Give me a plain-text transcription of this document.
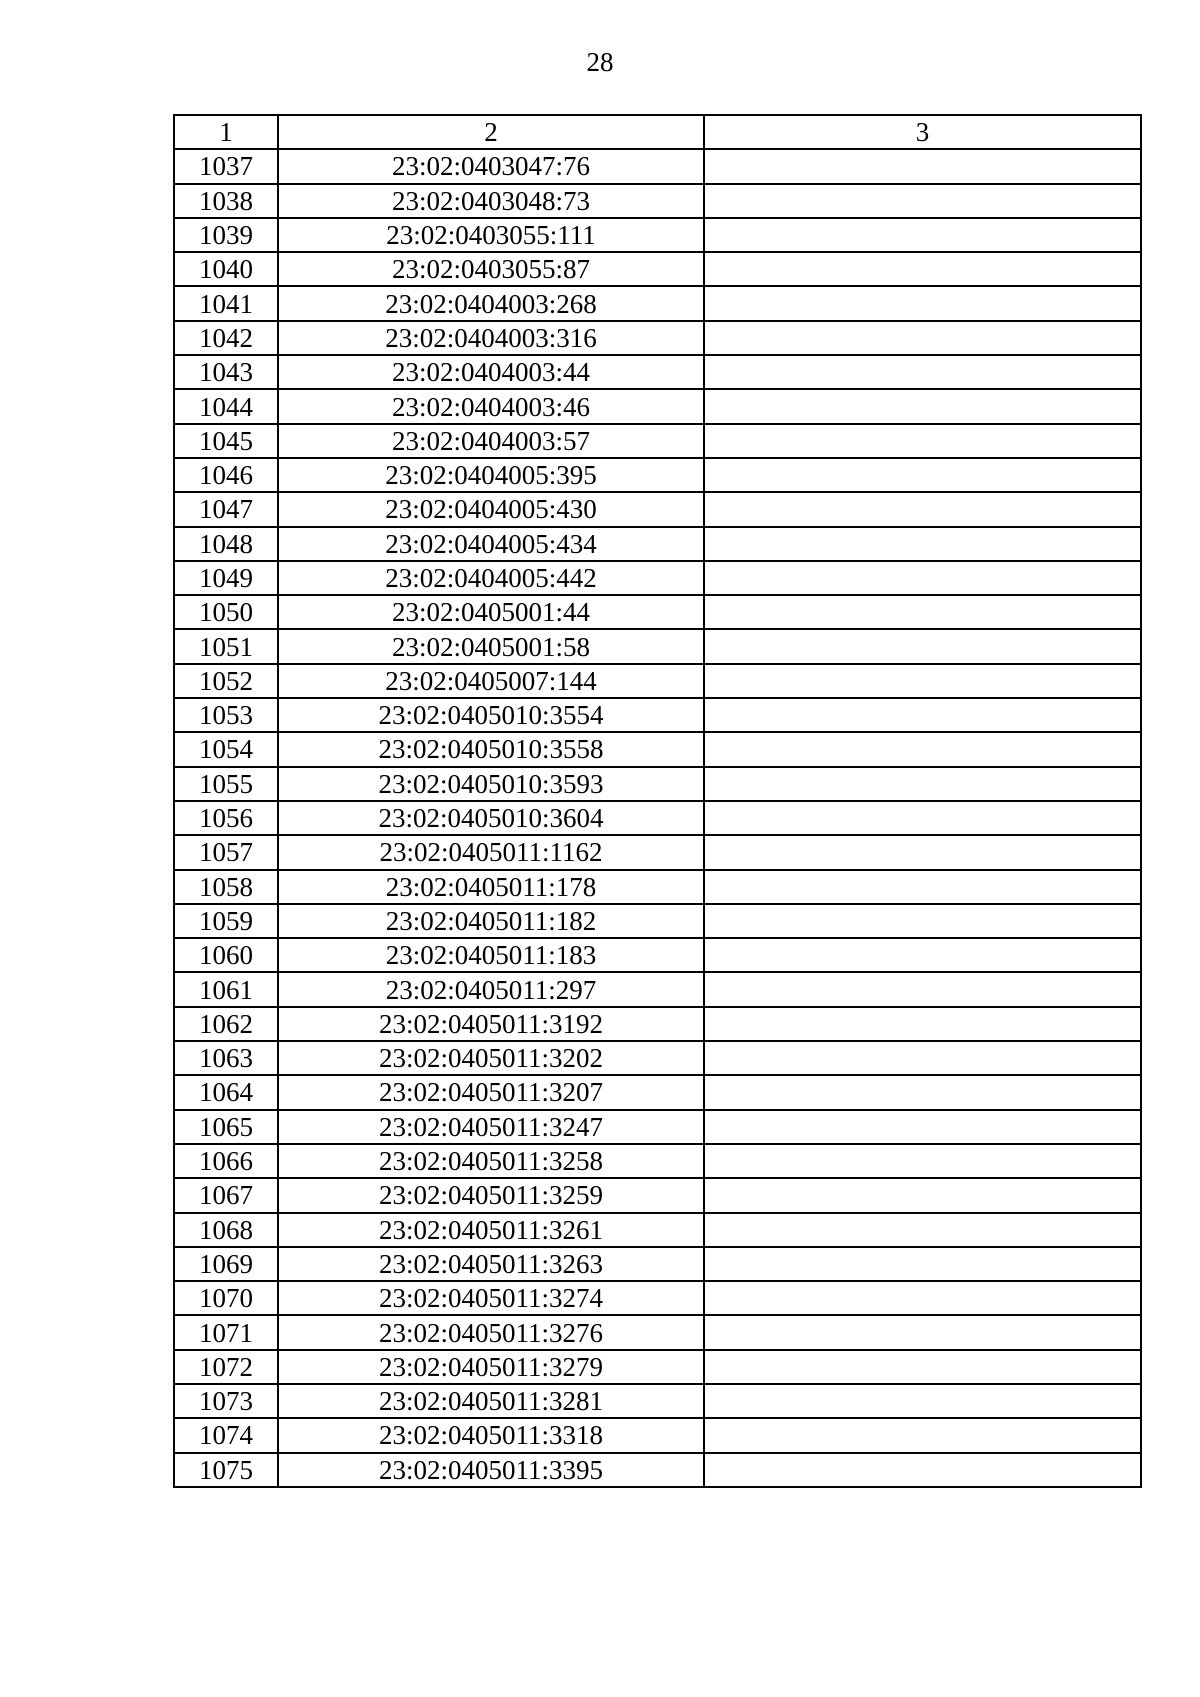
28
1	2	3
1037	23:02:0403047:76	
1038	23:02:0403048:73	
1039	23:02:0403055:111	
1040	23:02:0403055:87	
1041	23:02:0404003:268	
1042	23:02:0404003:316	
1043	23:02:0404003:44	
1044	23:02:0404003:46	
1045	23:02:0404003:57	
1046	23:02:0404005:395	
1047	23:02:0404005:430	
1048	23:02:0404005:434	
1049	23:02:0404005:442	
1050	23:02:0405001:44	
1051	23:02:0405001:58	
1052	23:02:0405007:144	
1053	23:02:0405010:3554	
1054	23:02:0405010:3558	
1055	23:02:0405010:3593	
1056	23:02:0405010:3604	
1057	23:02:0405011:1162	
1058	23:02:0405011:178	
1059	23:02:0405011:182	
1060	23:02:0405011:183	
1061	23:02:0405011:297	
1062	23:02:0405011:3192	
1063	23:02:0405011:3202	
1064	23:02:0405011:3207	
1065	23:02:0405011:3247	
1066	23:02:0405011:3258	
1067	23:02:0405011:3259	
1068	23:02:0405011:3261	
1069	23:02:0405011:3263	
1070	23:02:0405011:3274	
1071	23:02:0405011:3276	
1072	23:02:0405011:3279	
1073	23:02:0405011:3281	
1074	23:02:0405011:3318	
1075	23:02:0405011:3395	
